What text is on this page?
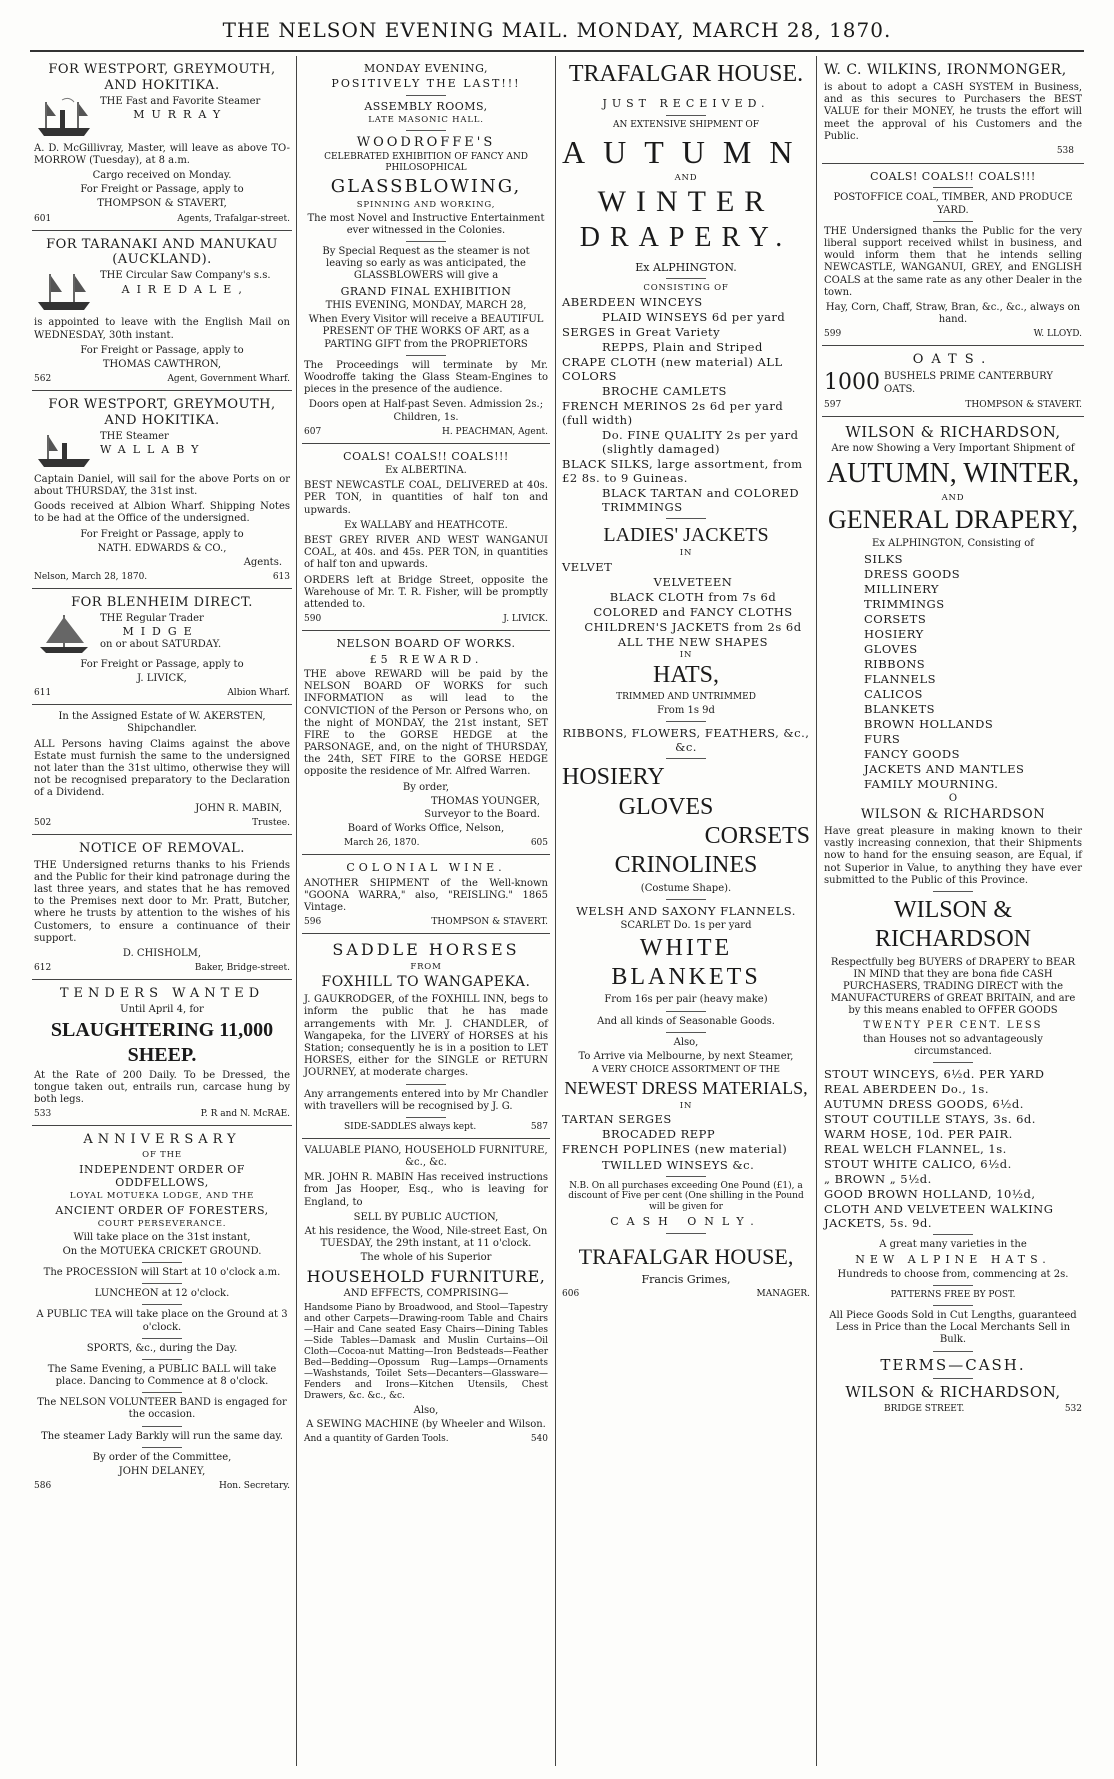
THE NELSON EVENING MAIL. MONDAY, MARCH 28, 1870.
FOR WESTPORT, GREYMOUTH, AND HOKITIKA.
THE Fast and Favorite Steamer
MURRAY
A. D. McGillivray, Master, will leave as above TO-MORROW (Tuesday), at 8 a.m.
Cargo received on Monday.
For Freight or Passage, apply to
THOMPSON & STAVERT,
601	Agents, Trafalgar-street.
FOR TARANAKI AND MANUKAU (AUCKLAND).
THE Circular Saw Company's s.s.
AIREDALE,
is appointed to leave with the English Mail on WEDNESDAY, 30th instant.
For Freight or Passage, apply to
THOMAS CAWTHRON,
562	Agent, Government Wharf.
FOR WESTPORT, GREYMOUTH, AND HOKITIKA.
THE Steamer
WALLABY
Captain Daniel, will sail for the above Ports on or about THURSDAY, the 31st inst.
Goods received at Albion Wharf. Shipping Notes to be had at the Office of the undersigned.
For Freight or Passage, apply to
NATH. EDWARDS & CO.,
Agents.
Nelson, March 28, 1870.	613
FOR BLENHEIM DIRECT.
THE Regular Trader
MIDGE
on or about SATURDAY.
For Freight or Passage, apply to
J. LIVICK,
611	Albion Wharf.
In the Assigned Estate of W. AKERSTEN, Shipchandler.
ALL Persons having Claims against the above Estate must furnish the same to the undersigned not later than the 31st ultimo, otherwise they will not be recognised preparatory to the Declaration of a Dividend.
JOHN R. MABIN,
502	Trustee.
NOTICE OF REMOVAL.
THE Undersigned returns thanks to his Friends and the Public for their kind patronage during the last three years, and states that he has removed to the Premises next door to Mr. Pratt, Butcher, where he trusts by attention to the wishes of his Customers, to ensure a continuance of their support.
D. CHISHOLM,
612	Baker, Bridge-street.
TENDERS WANTED
Until April 4, for
SLAUGHTERING 11,000 SHEEP.
At the Rate of 200 Daily. To be Dressed, the tongue taken out, entrails run, carcase hung by both legs.
533	P. R and N. McRAE.
ANNIVERSARY
OF THE
INDEPENDENT ORDER OF ODDFELLOWS,
LOYAL MOTUEKA LODGE, AND THE
ANCIENT ORDER OF FORESTERS,
COURT PERSEVERANCE.
Will take place on the 31st instant,
On the MOTUEKA CRICKET GROUND.
The PROCESSION will Start at 10 o'clock a.m.
LUNCHEON at 12 o'clock.
A PUBLIC TEA will take place on the Ground at 3 o'clock.
SPORTS, &c., during the Day.
The Same Evening, a PUBLIC BALL will take place. Dancing to Commence at 8 o'clock.
The NELSON VOLUNTEER BAND is engaged for the occasion.
The steamer Lady Barkly will run the same day.
By order of the Committee,
JOHN DELANEY,
586	Hon. Secretary.
MONDAY EVENING,
POSITIVELY THE LAST!!!
ASSEMBLY ROOMS,
LATE MASONIC HALL.
WOODROFFE'S
CELEBRATED EXHIBITION OF FANCY AND PHILOSOPHICAL
GLASSBLOWING,
SPINNING AND WORKING,
The most Novel and Instructive Entertainment ever witnessed in the Colonies.
By Special Request as the steamer is not leaving so early as was anticipated, the GLASSBLOWERS will give a
GRAND FINAL EXHIBITION
THIS EVENING, MONDAY, MARCH 28,
When Every Visitor will receive a BEAUTIFUL PRESENT OF THE WORKS OF ART, as a PARTING GIFT from the PROPRIETORS
The Proceedings will terminate by Mr. Woodroffe taking the Glass Steam-Engines to pieces in the presence of the audience.
Doors open at Half-past Seven. Admission 2s.; Children, 1s.
607	H. PEACHMAN, Agent.
COALS! COALS!! COALS!!!
Ex ALBERTINA.
BEST NEWCASTLE COAL, DELIVERED at 40s. PER TON, in quantities of half ton and upwards.
Ex WALLABY and HEATHCOTE.
BEST GREY RIVER AND WEST WANGANUI COAL, at 40s. and 45s. PER TON, in quantities of half ton and upwards.
ORDERS left at Bridge Street, opposite the Warehouse of Mr. T. R. Fisher, will be promptly attended to.
590	J. LIVICK.
NELSON BOARD OF WORKS.
£5 REWARD.
THE above REWARD will be paid by the NELSON BOARD OF WORKS for such INFORMATION as will lead to the CONVICTION of the Person or Persons who, on the night of MONDAY, the 21st instant, SET FIRE to the GORSE HEDGE at the PARSONAGE, and, on the night of THURSDAY, the 24th, SET FIRE to the GORSE HEDGE opposite the residence of Mr. Alfred Warren.
By order,
THOMAS YOUNGER,
Surveyor to the Board.
Board of Works Office, Nelson,
March 26, 1870.	605
COLONIAL WINE.
ANOTHER SHIPMENT of the Well-known "GOONA WARRA," also, "REISLING." 1865 Vintage.
596	THOMPSON & STAVERT.
SADDLE HORSES
FROM
FOXHILL TO WANGAPEKA.
J. GAUKRODGER, of the FOXHILL INN, begs to inform the public that he has made arrangements with Mr. J. CHANDLER, of Wangapeka, for the LIVERY of HORSES at his Station; consequently he is in a position to LET HORSES, either for the SINGLE or RETURN JOURNEY, at moderate charges.
Any arrangements entered into by Mr Chandler with travellers will be recognised by J. G.
SIDE-SADDLES always kept.	587
VALUABLE PIANO, HOUSEHOLD FURNITURE, &c., &c.
MR. JOHN R. MABIN Has received instructions from Jas Hooper, Esq., who is leaving for England, to
SELL BY PUBLIC AUCTION,
At his residence, the Wood, Nile-street East, On TUESDAY, the 29th instant, at 11 o'clock.
The whole of his Superior
HOUSEHOLD FURNITURE,
AND EFFECTS, COMPRISING—
Handsome Piano by Broadwood, and Stool—Tapestry and other Carpets—Drawing-room Table and Chairs—Hair and Cane seated Easy Chairs—Dining Tables—Side Tables—Damask and Muslin Curtains—Oil Cloth—Cocoa-nut Matting—Iron Bedsteads—Feather Bed—Bedding—Opossum Rug—Lamps—Ornaments—Washstands, Toilet Sets—Decanters—Glassware—Fenders and Irons—Kitchen Utensils, Chest Drawers, &c. &c., &c.
Also,
A SEWING MACHINE (by Wheeler and Wilson.
And a quantity of Garden Tools.	540
TRAFALGAR HOUSE.
JUST RECEIVED.
AN EXTENSIVE SHIPMENT OF
AUTUMN
AND
WINTER
DRAPERY.
Ex ALPHINGTON.
CONSISTING OF
ABERDEEN WINCEYS
PLAID WINSEYS 6d per yard
SERGES in Great Variety
REPPS, Plain and Striped
CRAPE CLOTH (new material) ALL COLORS
BROCHE CAMLETS
FRENCH MERINOS 2s 6d per yard (full width)
Do. FINE QUALITY 2s per yard (slightly damaged)
BLACK SILKS, large assortment, from £2 8s. to 9 Guineas.
BLACK TARTAN and COLORED TRIMMINGS
LADIES' JACKETS
IN
VELVET
VELVETEEN
BLACK CLOTH from 7s 6d
COLORED and FANCY CLOTHS
CHILDREN'S JACKETS from 2s 6d
ALL THE NEW SHAPES
IN
HATS,
TRIMMED AND UNTRIMMED
From 1s 9d
RIBBONS, FLOWERS, FEATHERS, &c., &c.
HOSIERY
GLOVES
CORSETS
CRINOLINES
(Costume Shape).
WELSH AND SAXONY FLANNELS.
SCARLET Do. 1s per yard
WHITE BLANKETS
From 16s per pair (heavy make)
And all kinds of Seasonable Goods.
Also,
To Arrive via Melbourne, by next Steamer,
A VERY CHOICE ASSORTMENT OF THE
NEWEST DRESS MATERIALS,
IN
TARTAN SERGES
BROCADED REPP
FRENCH POPLINES (new material)
TWILLED WINSEYS &c.
N.B. On all purchases exceeding One Pound (£1), a discount of Five per cent (One shilling in the Pound will be given for
CASH ONLY.
TRAFALGAR HOUSE,
Francis Grimes,
606	MANAGER.
W. C. WILKINS, IRONMONGER,
is about to adopt a CASH SYSTEM in Business, and as this secures to Purchasers the BEST VALUE for their MONEY, he trusts the effort will meet the approval of his Customers and the Public.
538
COALS! COALS!! COALS!!!
POSTOFFICE COAL, TIMBER, AND PRODUCE YARD.
THE Undersigned thanks the Public for the very liberal support received whilst in business, and would inform them that he intends selling NEWCASTLE, WANGANUI, GREY, and ENGLISH COALS at the same rate as any other Dealer in the town.
Hay, Corn, Chaff, Straw, Bran, &c., &c., always on hand.
599	W. LLOYD.
OATS.
1000 BUSHELS PRIME CANTERBURY OATS.
597	THOMPSON & STAVERT.
WILSON & RICHARDSON,
Are now Showing a Very Important Shipment of
AUTUMN, WINTER,
AND
GENERAL DRAPERY,
Ex ALPHINGTON, Consisting of
SILKS
DRESS GOODS
MILLINERY
TRIMMINGS
CORSETS
HOSIERY
GLOVES
RIBBONS
FLANNELS
CALICOS
BLANKETS
BROWN HOLLANDS
FURS
FANCY GOODS
JACKETS AND MANTLES
FAMILY MOURNING.
O
WILSON & RICHARDSON
Have great pleasure in making known to their vastly increasing connexion, that their Shipments now to hand for the ensuing season, are Equal, if not Superior in Value, to anything they have ever submitted to the Public of this Province.
WILSON & RICHARDSON
Respectfully beg BUYERS of DRAPERY to BEAR IN MIND that they are bona fide CASH PURCHASERS, TRADING DIRECT with the MANUFACTURERS of GREAT BRITAIN, and are by this means enabled to OFFER GOODS
TWENTY PER CENT. LESS
than Houses not so advantageously circumstanced.
STOUT WINCEYS, 6½d. PER YARD
REAL ABERDEEN Do., 1s.
AUTUMN DRESS GOODS, 6½d.
STOUT COUTILLE STAYS, 3s. 6d.
WARM HOSE, 10d. PER PAIR.
REAL WELCH FLANNEL, 1s.
STOUT WHITE CALICO, 6½d.
„ BROWN „ 5½d.
GOOD BROWN HOLLAND, 10½d,
CLOTH AND VELVETEEN WALKING JACKETS, 5s. 9d.
A great many varieties in the
NEW ALPINE HATS.
Hundreds to choose from, commencing at 2s.
PATTERNS FREE BY POST.
All Piece Goods Sold in Cut Lengths, guaranteed Less in Price than the Local Merchants Sell in Bulk.
TERMS—CASH.
WILSON & RICHARDSON,
BRIDGE STREET.	532
